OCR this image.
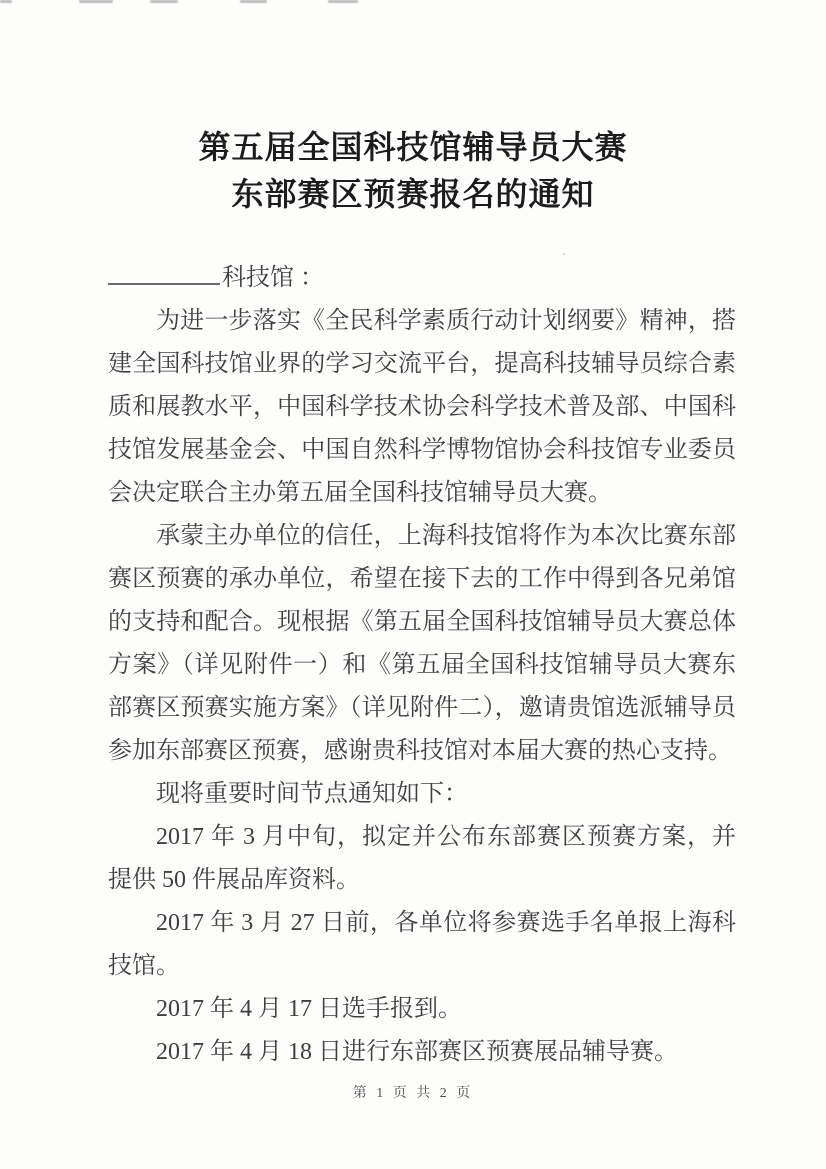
第五届全国科技馆辅导员大赛
东部赛区预赛报名的通知
科技馆 ：

为进一步落实《全民科学素质行动计划纲要》精神，搭建全国科技馆业界的学习交流平台，提高科技辅导员综合素质和展教水平，中国科学技术协会科学技术普及部、中国科技馆发展基金会、中国自然科学博物馆协会科技馆专业委员会决定联合主办第五届全国科技馆辅导员大赛。

承蒙主办单位的信任，上海科技馆将作为本次比赛东部赛区预赛的承办单位，希望在接下去的工作中得到各兄弟馆的支持和配合。现根据《第五届全国科技馆辅导员大赛总体方案》（详见附件一）和《第五届全国科技馆辅导员大赛东部赛区预赛实施方案》（详见附件二），邀请贵馆选派辅导员参加东部赛区预赛，感谢贵科技馆对本届大赛的热心支持。

现将重要时间节点通知如下：

2017 年 3 月中旬，拟定并公布东部赛区预赛方案，并提供 50 件展品库资料。

2017 年 3 月 27 日前，各单位将参赛选手名单报上海科技馆。

2017 年 4 月 17 日选手报到。

2017 年 4 月 18 日进行东部赛区预赛展品辅导赛。

第 1 页 共 2 页
